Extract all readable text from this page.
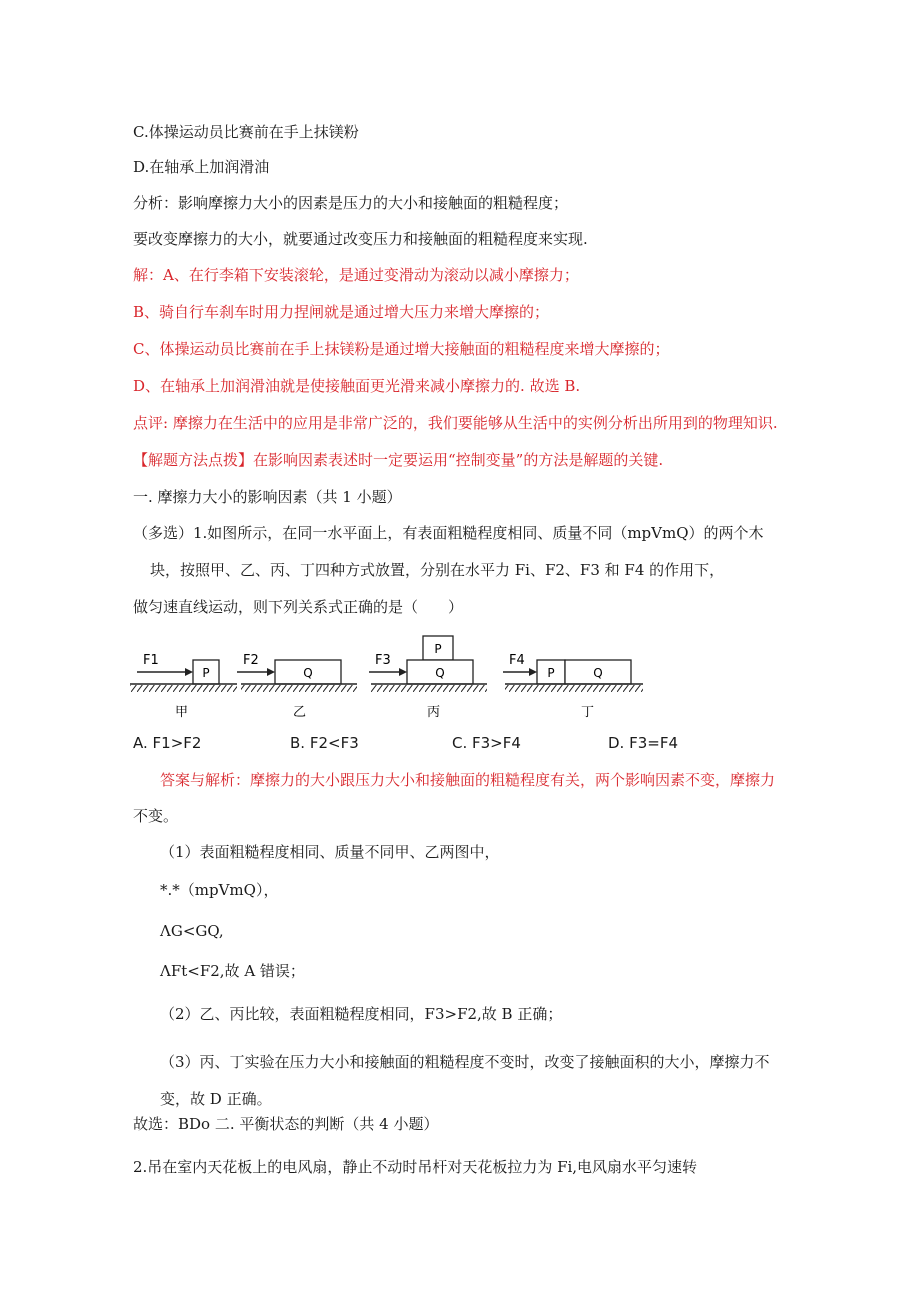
C.体操运动员比赛前在手上抹镁粉
D.在轴承上加润滑油
分析：影响摩擦力大小的因素是压力的大小和接触面的粗糙程度；
要改变摩擦力的大小，就要通过改变压力和接触面的粗糙程度来实现.
解：A、在行李箱下安装滚轮，是通过变滑动为滚动以减小摩擦力；
B、骑自行车刹车时用力捏闸就是通过增大压力来增大摩擦的；
C、体操运动员比赛前在手上抹镁粉是通过增大接触面的粗糙程度来增大摩擦的；
D、在轴承上加润滑油就是使接触面更光滑来减小摩擦力的. 故选 B.
点评: 摩擦力在生活中的应用是非常广泛的，我们要能够从生活中的实例分析出所用到的物理知识.
【解题方法点拨】在影响因素表述时一定要运用“控制变量”的方法是解题的关键.
一. 摩擦力大小的影响因素（共 1 小题）
（多选）1.如图所示，在同一水平面上，有表面粗糙程度相同、质量不同（mpVmQ）的两个木
块，按照甲、乙、丙、丁四种方式放置，分别在水平力 Fi、F2、F3 和 F4 的作用下，
做匀速直线运动，则下列关系式正确的是（　　）
F1
P
甲
F2
Q
乙
F3
P
Q
丙
F4
P	Q
丁
A. F1>F2	B. F2<F3	C. F3>F4	D. F3=F4
答案与解析：摩擦力的大小跟压力大小和接触面的粗糙程度有关，两个影响因素不变，摩擦力
不变。
（1）表面粗糙程度相同、质量不同甲、乙两图中，
*.*（mpVmQ），
ΛG<GQ,
ΛFt<F2,故 A 错误；
（2）乙、丙比较，表面粗糙程度相同，F3>F2,故 B 正确；
（3）丙、丁实验在压力大小和接触面的粗糙程度不变时，改变了接触面积的大小，摩擦力不
变，故 D 正确。
故选：BDo 二. 平衡状态的判断（共 4 小题）
2.吊在室内天花板上的电风扇，静止不动时吊杆对天花板拉力为 Fi,电风扇水平匀速转
